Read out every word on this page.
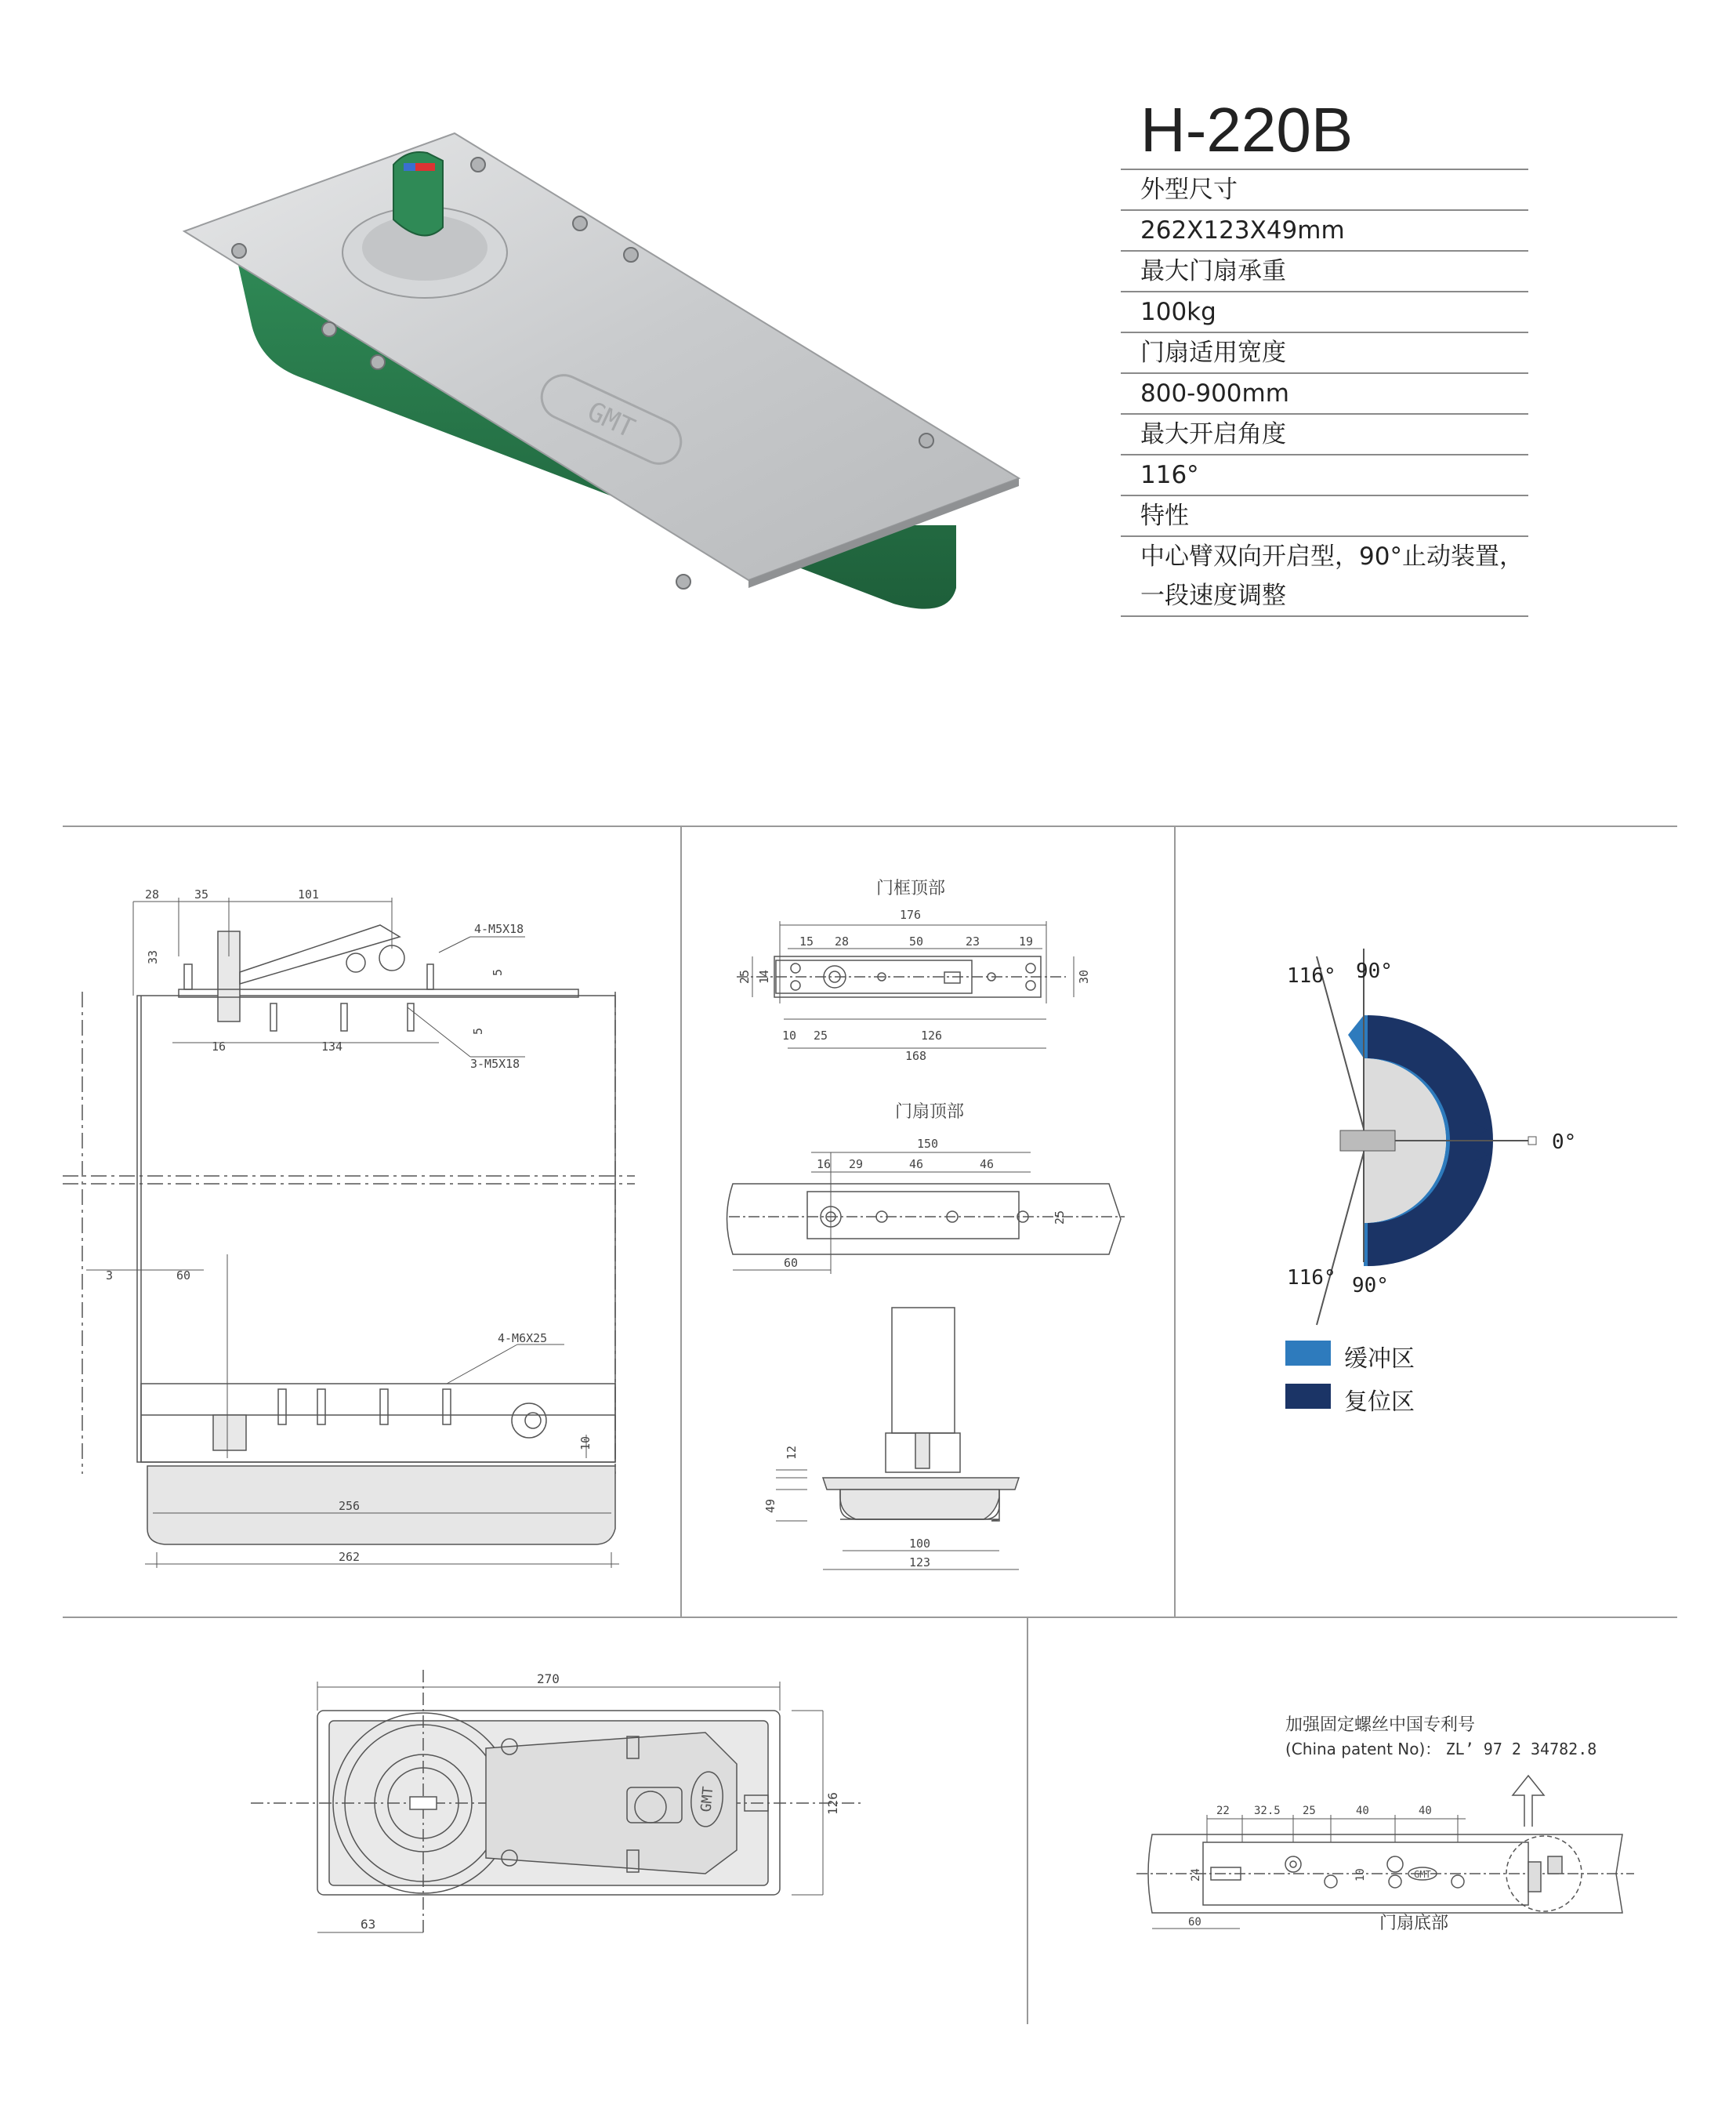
GMT
H-220B
外型尺寸
262X123X49mm
最大门扇承重
100kg
门扇适用宽度
800-900mm
最大开启角度
116°
特性
中心臂双向开启型，90°止动装置，
一段速度调整
28	35	101
33
5
5
16	134
4-M5X18
3-M5X18
3	60
4-M6X25
10
256
262
门框顶部
176
15 28	50	23	19
25 14	30
10 25	126
168
门扇顶部
150
16 29	46	46
25
60
12
49
100
123
116° 90°
0°
116° 90°
缓冲区
复位区
GMT
270
126
63
加强固定螺丝中国专利号
(China patent No)： ZL’ 97 2 34782.8
GMT
22 32.5 25	40	40
24	10
60	门扇底部
